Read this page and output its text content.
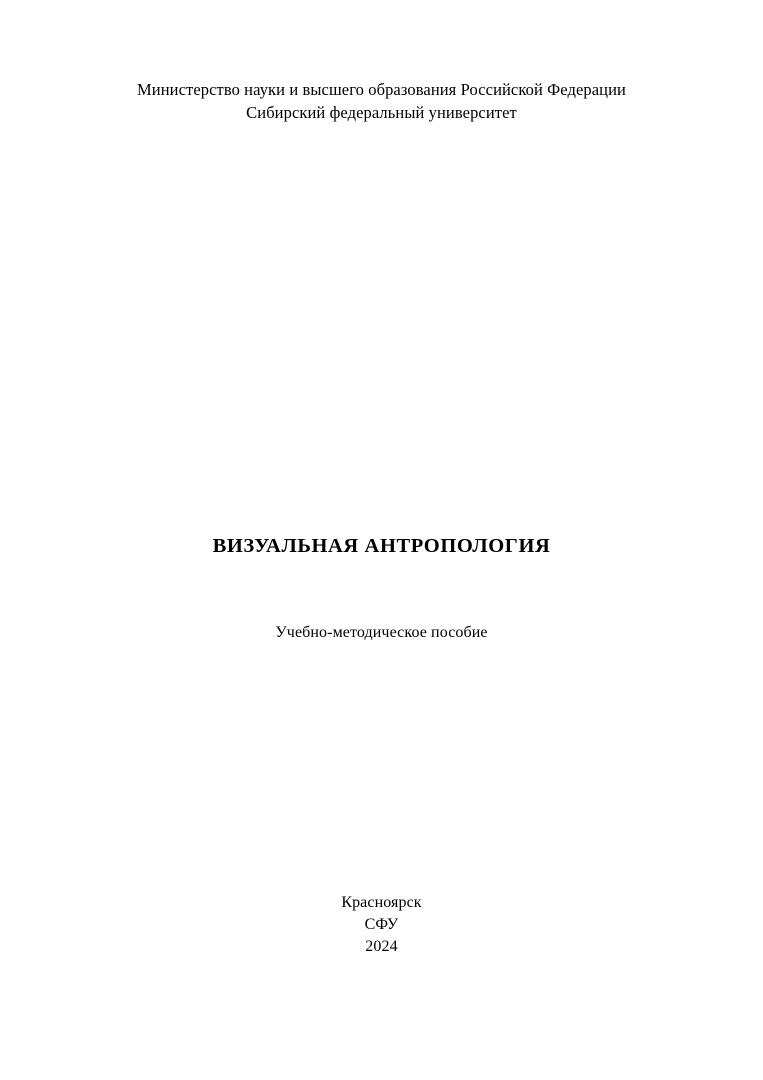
Министерство науки и высшего образования Российской Федерации
Сибирский федеральный университет
ВИЗУАЛЬНАЯ АНТРОПОЛОГИЯ
Учебно-методическое пособие
Красноярск
СФУ
2024
